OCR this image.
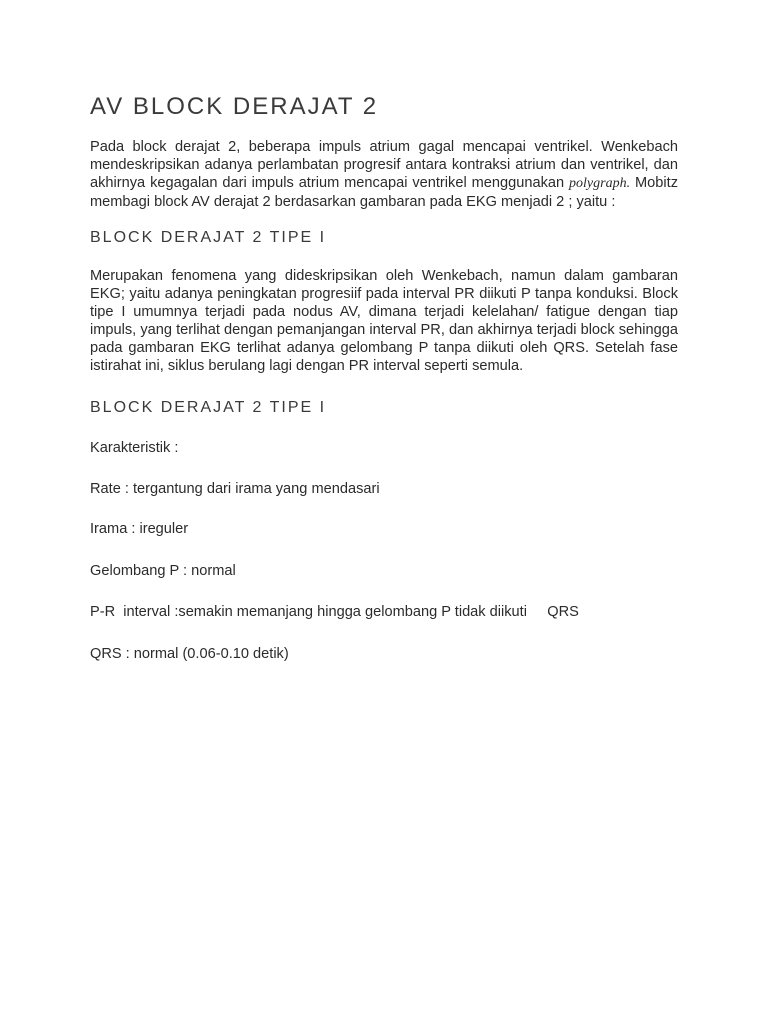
AV BLOCK DERAJAT 2

Pada block derajat 2, beberapa impuls atrium gagal mencapai ventrikel. Wenkebach mendeskripsikan adanya perlambatan progresif antara kontraksi atrium dan ventrikel, dan akhirnya kegagalan dari impuls atrium mencapai ventrikel menggunakan polygraph. Mobitz membagi block AV derajat 2 berdasarkan gambaran pada EKG menjadi 2 ; yaitu :

BLOCK DERAJAT 2 TIPE I

Merupakan fenomena yang dideskripsikan oleh Wenkebach, namun dalam gambaran EKG; yaitu adanya peningkatan progresiif pada interval PR diikuti P tanpa konduksi. Block tipe I umumnya terjadi pada nodus AV, dimana terjadi kelelahan/ fatigue dengan tiap impuls, yang terlihat dengan pemanjangan interval PR, dan akhirnya terjadi block sehingga pada gambaran EKG terlihat adanya gelombang P tanpa diikuti oleh QRS. Setelah fase istirahat ini, siklus berulang lagi dengan PR interval seperti semula.

BLOCK DERAJAT 2 TIPE I

Karakteristik :

Rate : tergantung dari irama yang mendasari

Irama : ireguler

Gelombang P : normal

P-R  interval :semakin memanjang hingga gelombang P tidak diikuti     QRS

QRS : normal (0.06-0.10 detik)
